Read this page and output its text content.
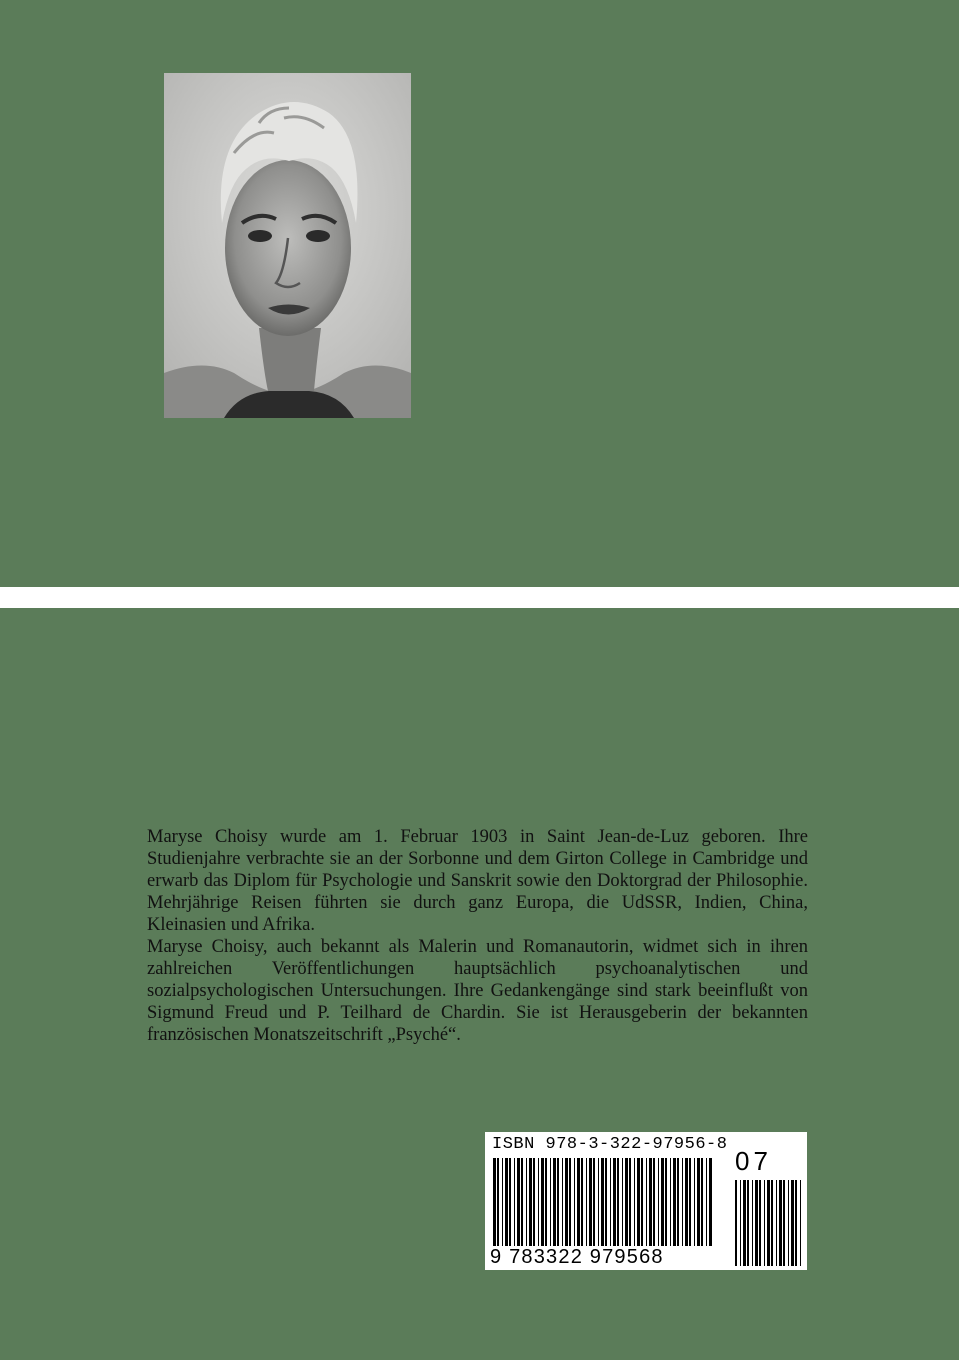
Maryse Choisy wurde am 1. Februar 1903 in Saint Jean-de-Luz geboren. Ihre Studienjahre verbrachte sie an der Sorbonne und dem Girton College in Cambridge und erwarb das Diplom für Psychologie und Sanskrit sowie den Doktorgrad der Philosophie. Mehrjährige Reisen führten sie durch ganz Europa, die UdSSR, Indien, China, Kleinasien und Afrika.

Maryse Choisy, auch bekannt als Malerin und Romanautorin, widmet sich in ihren zahlreichen Veröffentlichungen hauptsächlich psychoanalytischen und sozialpsychologischen Untersuchungen. Ihre Gedankengänge sind stark beeinflußt von Sigmund Freud und P. Teilhard de Chardin. Sie ist Herausgeberin der bekannten französischen Monatszeitschrift „Psyché“.

ISBN 978-3-322-97956-8
07
9 783322 979568
